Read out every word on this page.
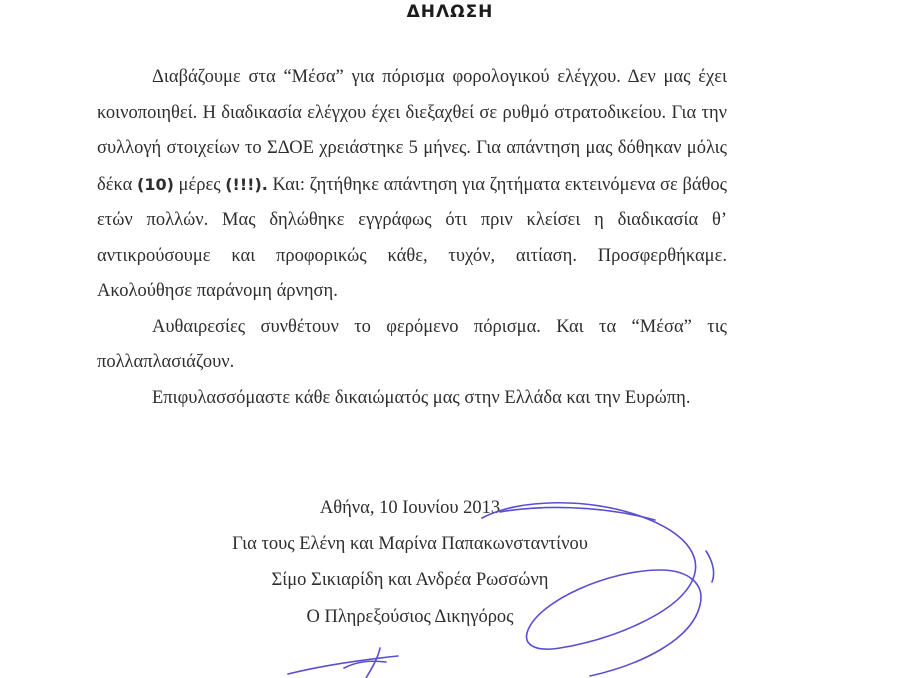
ΔΗΛΩΣΗ

Διαβάζουμε στα “Μέσα” για πόρισμα φορολογικού ελέγχου. Δεν μας έχει κοινοποιηθεί. Η διαδικασία ελέγχου έχει διεξαχθεί σε ρυθμό στρατοδικείου. Για την συλλογή στοιχείων το ΣΔΟΕ χρειάστηκε 5 μήνες. Για απάντηση μας δόθηκαν μόλις δέκα (10) μέρες (!!!). Και: ζητήθηκε απάντηση για ζητήματα εκτεινόμενα σε βάθος ετών πολλών. Μας δηλώθηκε εγγράφως ότι πριν κλείσει η διαδικασία θ’ αντικρούσουμε και προφορικώς κάθε, τυχόν, αιτίαση. Προσφερθήκαμε. Ακολούθησε παράνομη άρνηση.

Αυθαιρεσίες συνθέτουν το φερόμενο πόρισμα. Και τα “Μέσα” τις πολλαπλασιάζουν.

Επιφυλασσόμαστε κάθε δικαιώματός μας στην Ελλάδα και την Ευρώπη.

Αθήνα, 10 Ιουνίου 2013
Για τους Ελένη και Μαρίνα Παπακωνσταντίνου
Σίμο Σικιαρίδη και Ανδρέα Ρωσσώνη
Ο Πληρεξούσιος Δικηγόρος
